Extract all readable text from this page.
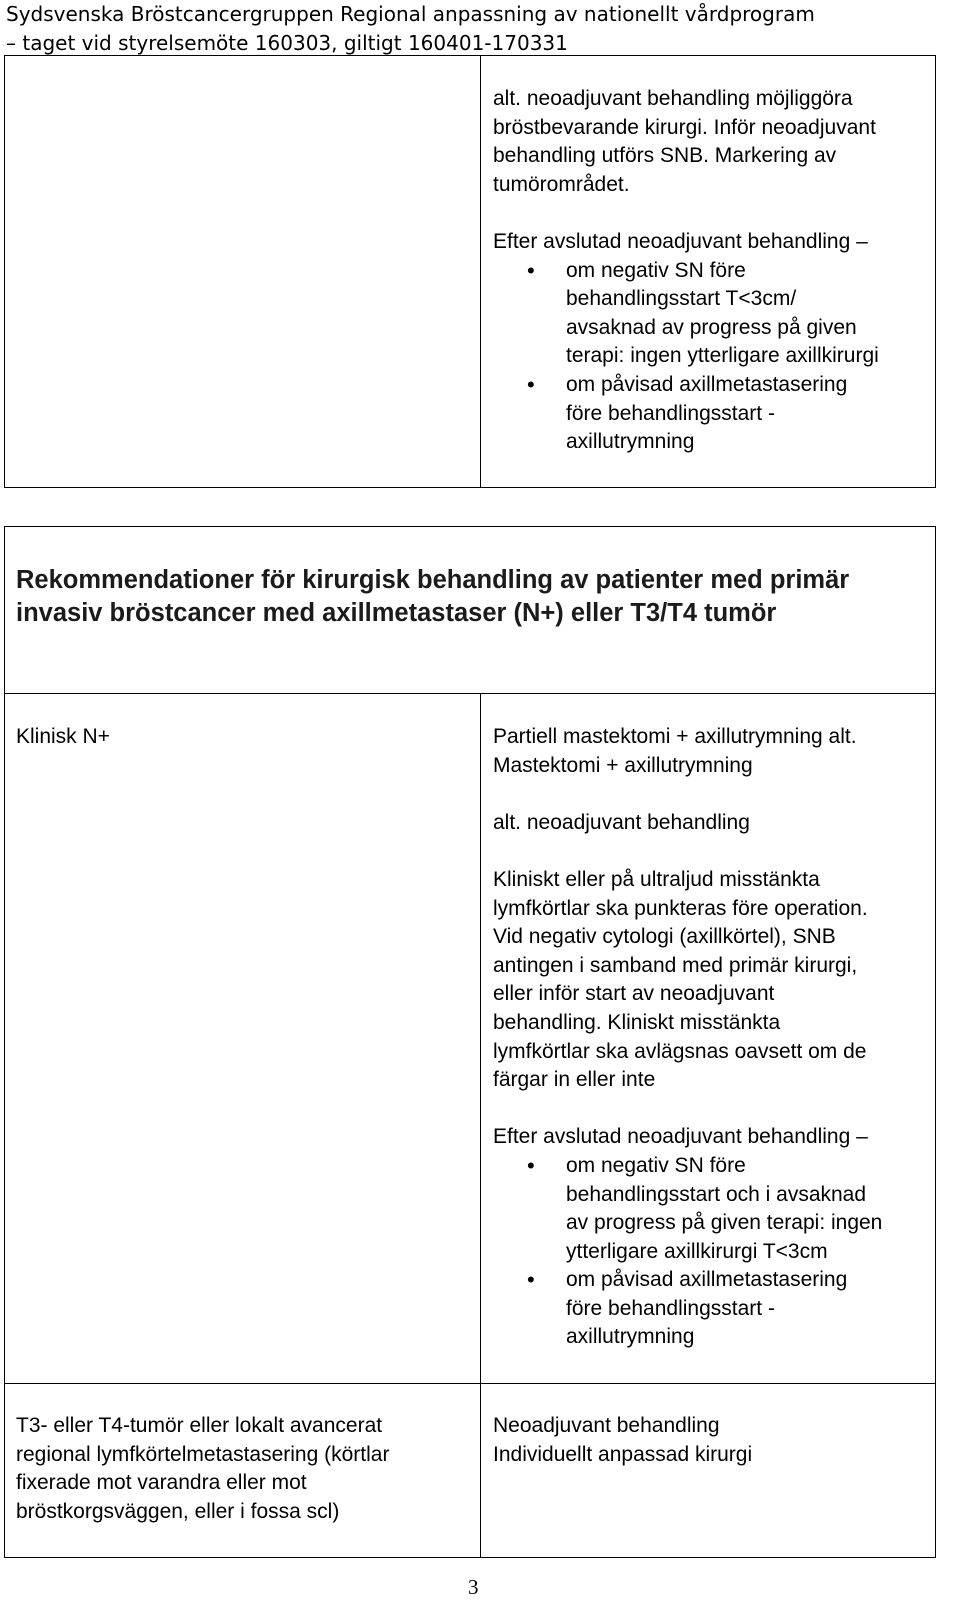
Sydsvenska Bröstcancergruppen Regional anpassning av nationellt vårdprogram
– taget vid styrelsemöte 160303, giltigt 160401-170331

alt. neoadjuvant behandling möjliggöra

bröstbevarande kirurgi. Inför neoadjuvant

behandling utförs SNB. Markering av

tumörområdet.

Efter avslutad neoadjuvant behandling –

• om negativ SN före

behandlingsstart T<3cm/

avsaknad av progress på given

terapi: ingen ytterligare axillkirurgi

• om påvisad axillmetastasering

före behandlingsstart -

axillutrymning

Rekommendationer för kirurgisk behandling av patienter med primär invasiv bröstcancer med axillmetastaser (N+) eller T3/T4 tumör

Klinisk N+	Partiell mastektomi + axillutrymning alt.

Mastektomi + axillutrymning

alt. neoadjuvant behandling

Kliniskt eller på ultraljud misstänkta

lymfkörtlar ska punkteras före operation.

Vid negativ cytologi (axillkörtel), SNB

antingen i samband med primär kirurgi,

eller inför start av neoadjuvant

behandling. Kliniskt misstänkta

lymfkörtlar ska avlägsnas oavsett om de

färgar in eller inte

Efter avslutad neoadjuvant behandling –

• om negativ SN före

behandlingsstart och i avsaknad

av progress på given terapi: ingen

ytterligare axillkirurgi T<3cm

• om påvisad axillmetastasering

före behandlingsstart -

axillutrymning

T3- eller T4-tumör eller lokalt avancerat

regional lymfkörtelmetastasering (körtlar

fixerade mot varandra eller mot

bröstkorgsväggen, eller i fossa scl)

Neoadjuvant behandling

Individuellt anpassad kirurgi

3
